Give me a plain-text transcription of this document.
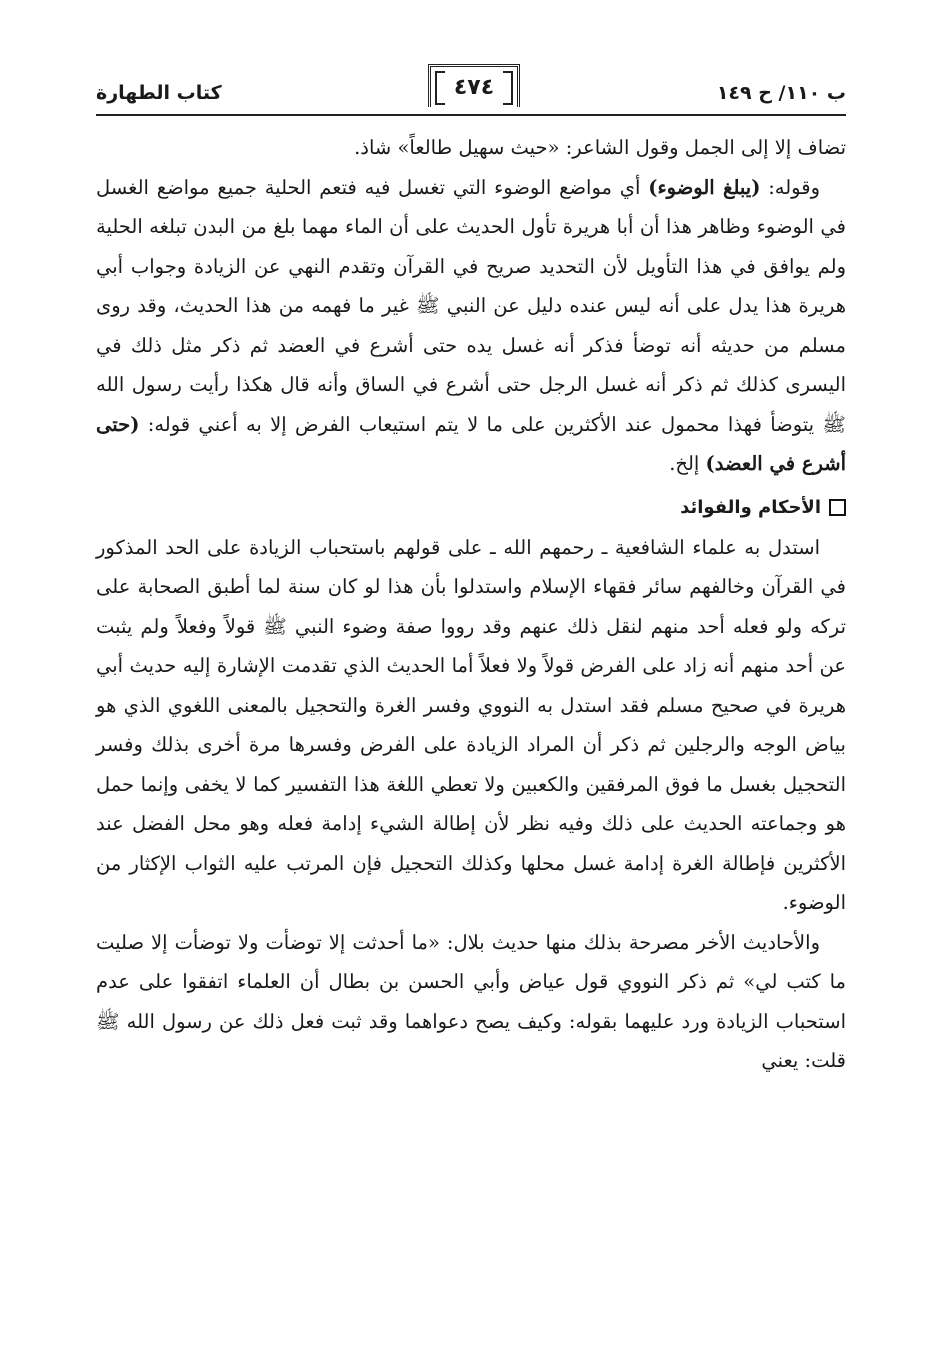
ب ١١٠/ ح ١٤٩
٤٧٤
كتاب الطهارة

تضاف إلا إلى الجمل وقول الشاعر: «حيث سهيل طالعاً» شاذ.

وقوله: (يبلغ الوضوء) أي مواضع الوضوء التي تغسل فيه فتعم الحلية جميع مواضع الغسل في الوضوء وظاهر هذا أن أبا هريرة تأول الحديث على أن الماء مهما بلغ من البدن تبلغه الحلية ولم يوافق في هذا التأويل لأن التحديد صريح في القرآن وتقدم النهي عن الزيادة وجواب أبي هريرة هذا يدل على أنه ليس عنده دليل عن النبي ﷺ غير ما فهمه من هذا الحديث، وقد روى مسلم من حديثه أنه توضأ فذكر أنه غسل يده حتى أشرع في العضد ثم ذكر مثل ذلك في اليسرى كذلك ثم ذكر أنه غسل الرجل حتى أشرع في الساق وأنه قال هكذا رأيت رسول الله ﷺ يتوضأ فهذا محمول عند الأكثرين على ما لا يتم استيعاب الفرض إلا به أعني قوله: (حتى أشرع في العضد) إلخ.

الأحكام والفوائد

استدل به علماء الشافعية ـ رحمهم الله ـ على قولهم باستحباب الزيادة على الحد المذكور في القرآن وخالفهم سائر فقهاء الإسلام واستدلوا بأن هذا لو كان سنة لما أطبق الصحابة على تركه ولو فعله أحد منهم لنقل ذلك عنهم وقد رووا صفة وضوء النبي ﷺ قولاً وفعلاً ولم يثبت عن أحد منهم أنه زاد على الفرض قولاً ولا فعلاً أما الحديث الذي تقدمت الإشارة إليه حديث أبي هريرة في صحيح مسلم فقد استدل به النووي وفسر الغرة والتحجيل بالمعنى اللغوي الذي هو بياض الوجه والرجلين ثم ذكر أن المراد الزيادة على الفرض وفسرها مرة أخرى بذلك وفسر التحجيل بغسل ما فوق المرفقين والكعبين ولا تعطي اللغة هذا التفسير كما لا يخفى وإنما حمل هو وجماعته الحديث على ذلك وفيه نظر لأن إطالة الشيء إدامة فعله وهو محل الفضل عند الأكثرين فإطالة الغرة إدامة غسل محلها وكذلك التحجيل فإن المرتب عليه الثواب الإكثار من الوضوء.

والأحاديث الأخر مصرحة بذلك منها حديث بلال: «ما أحدثت إلا توضأت ولا توضأت إلا صليت ما كتب لي» ثم ذكر النووي قول عياض وأبي الحسن بن بطال أن العلماء اتفقوا على عدم استحباب الزيادة ورد عليهما بقوله: وكيف يصح دعواهما وقد ثبت فعل ذلك عن رسول الله ﷺ قلت: يعني
